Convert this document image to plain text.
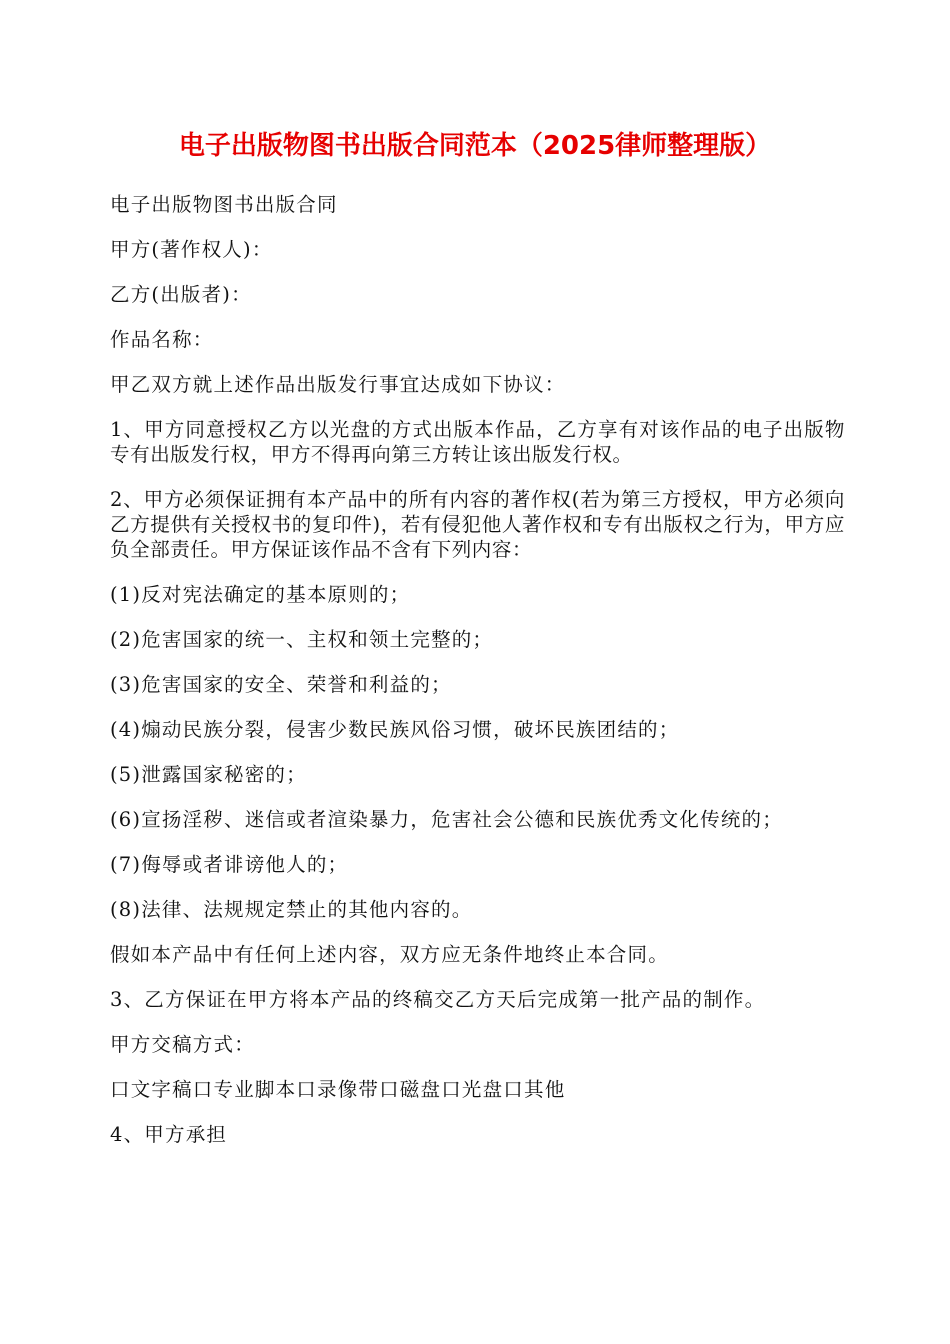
电子出版物图书出版合同范本（2025律师整理版）

电子出版物图书出版合同

甲方(著作权人)：

乙方(出版者)：

作品名称：

甲乙双方就上述作品出版发行事宜达成如下协议：

1、甲方同意授权乙方以光盘的方式出版本作品，乙方享有对该作品的电子出版物专有出版发行权，甲方不得再向第三方转让该出版发行权。

2、甲方必须保证拥有本产品中的所有内容的著作权(若为第三方授权，甲方必须向乙方提供有关授权书的复印件)，若有侵犯他人著作权和专有出版权之行为，甲方应负全部责任。甲方保证该作品不含有下列内容：

(1)反对宪法确定的基本原则的；

(2)危害国家的统一、主权和领土完整的；

(3)危害国家的安全、荣誉和利益的；

(4)煽动民族分裂，侵害少数民族风俗习惯，破坏民族团结的；

(5)泄露国家秘密的；

(6)宣扬淫秽、迷信或者渲染暴力，危害社会公德和民族优秀文化传统的；

(7)侮辱或者诽谤他人的；

(8)法律、法规规定禁止的其他内容的。

假如本产品中有任何上述内容，双方应无条件地终止本合同。

3、乙方保证在甲方将本产品的终稿交乙方天后完成第一批产品的制作。

甲方交稿方式：

口文字稿口专业脚本口录像带口磁盘口光盘口其他

4、甲方承担
